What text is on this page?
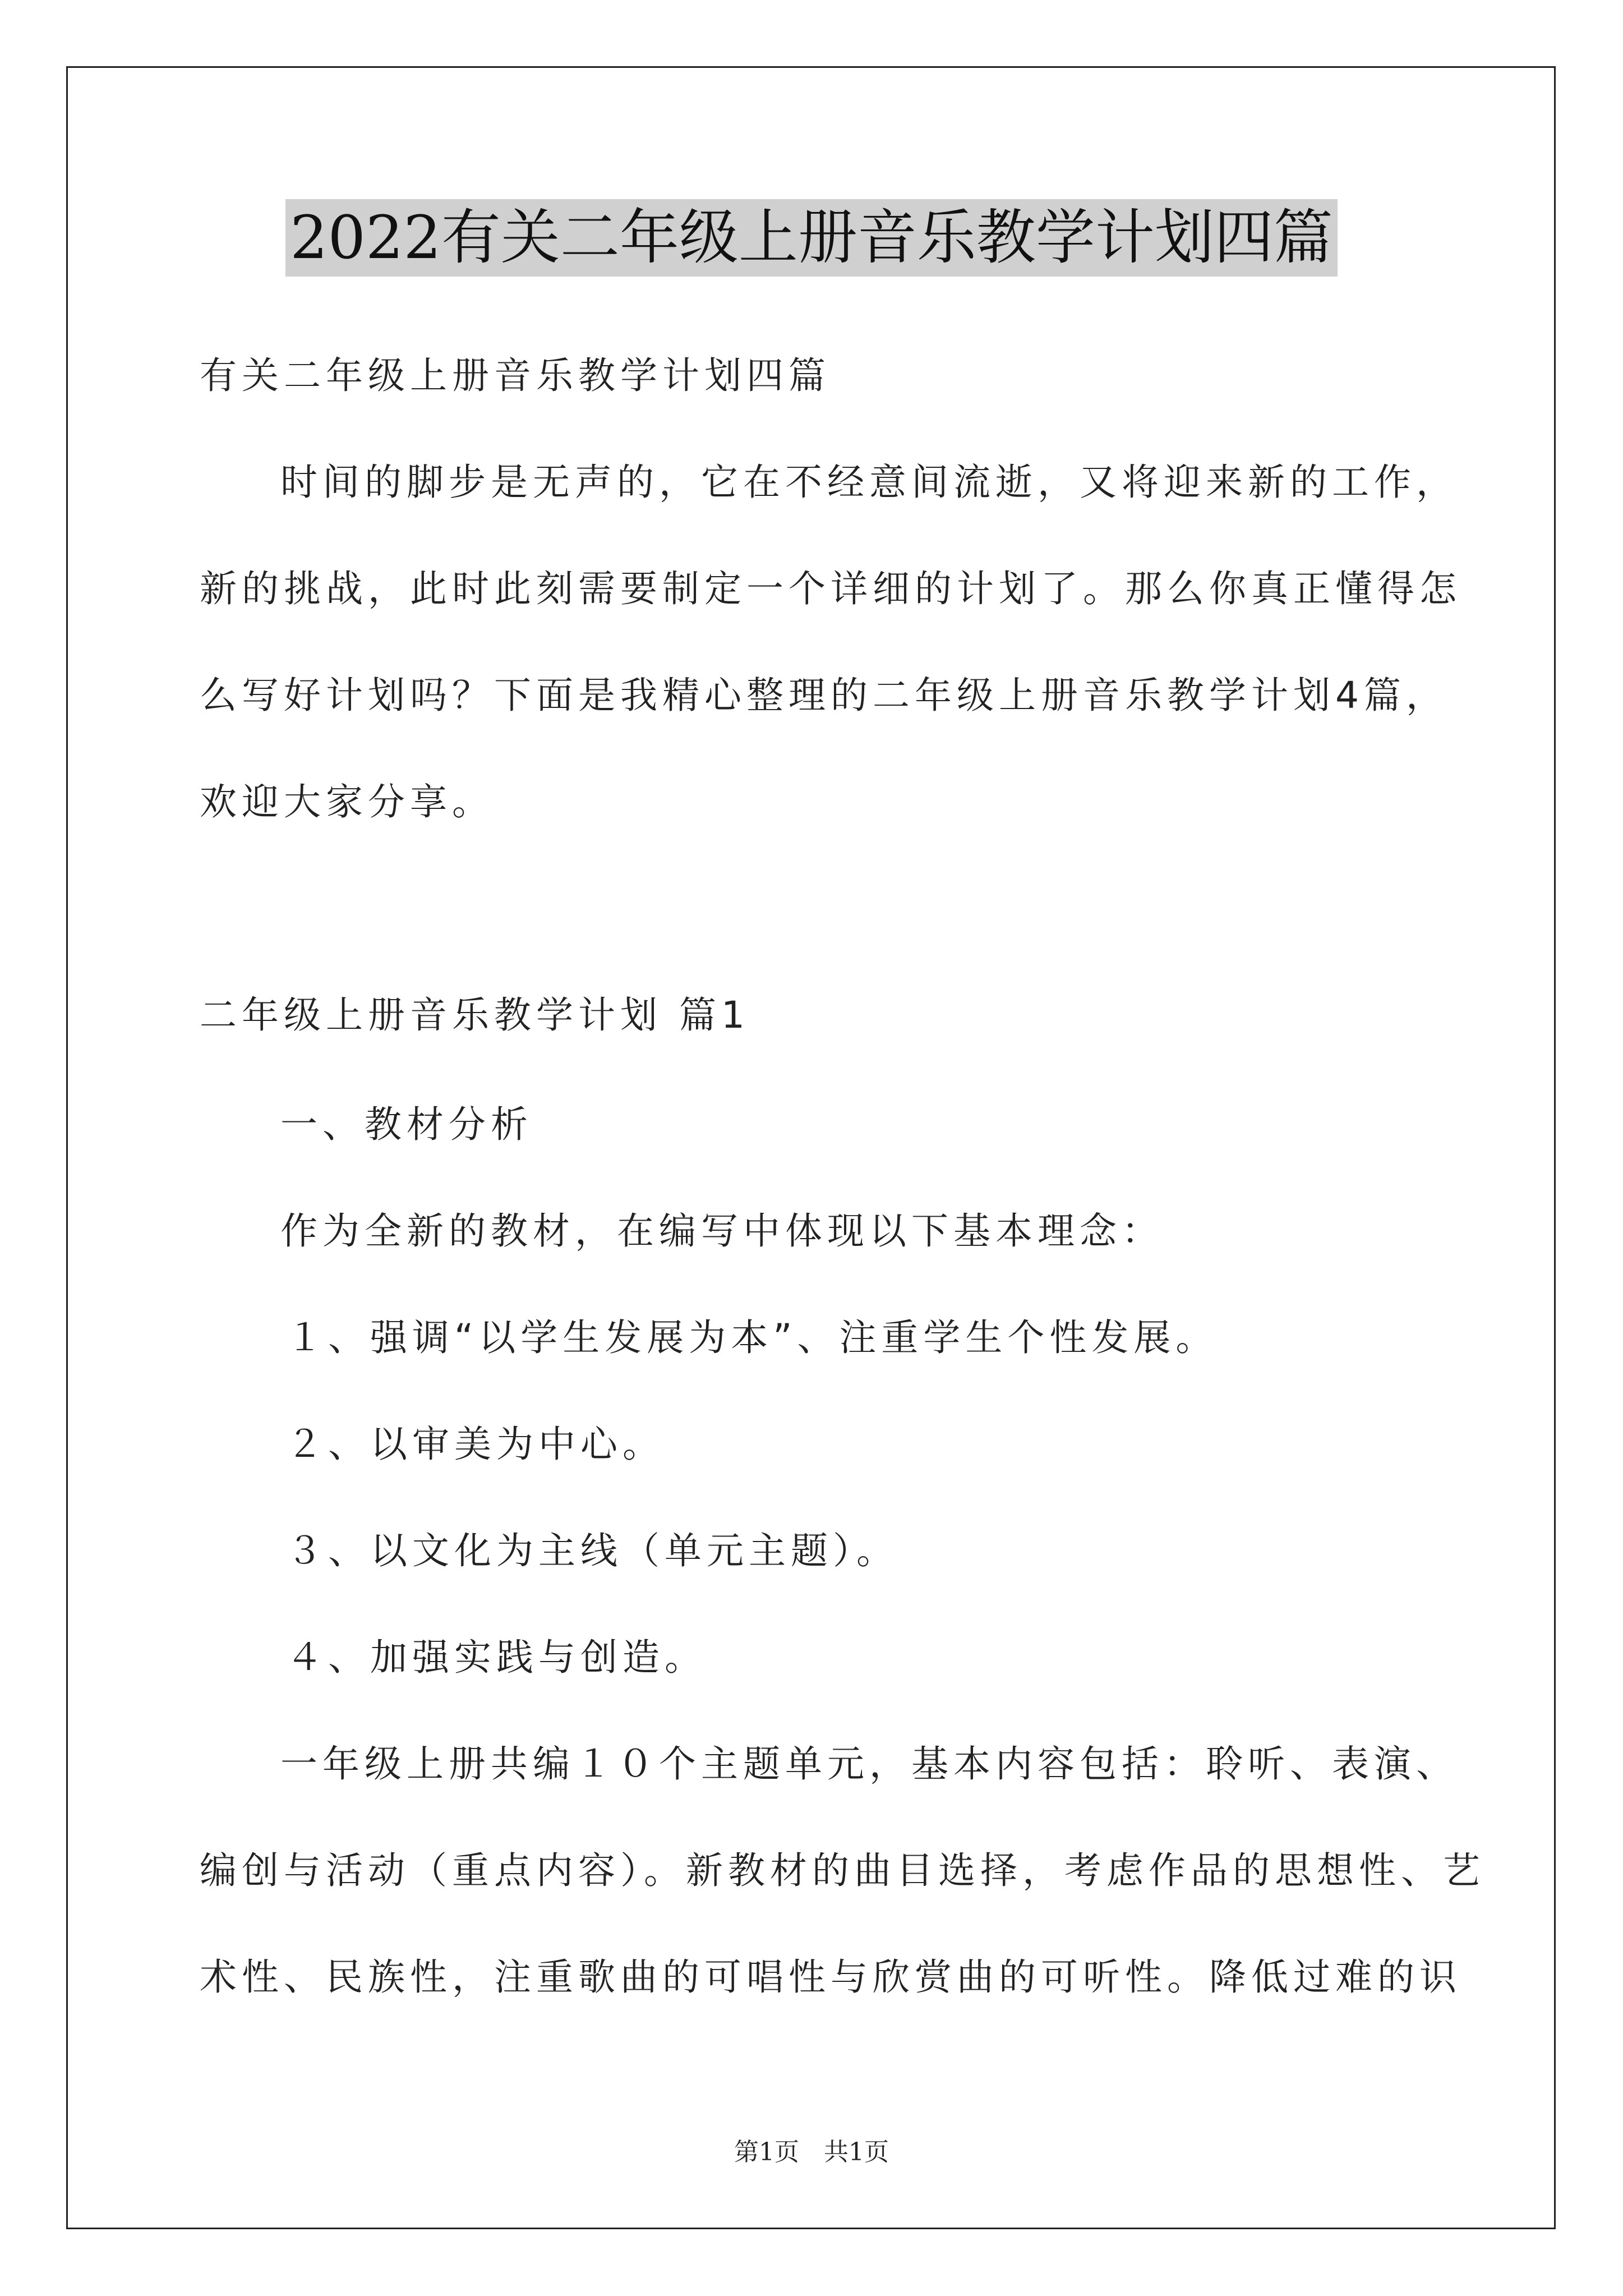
2022有关二年级上册音乐教学计划四篇
有关二年级上册音乐教学计划四篇
时间的脚步是无声的，它在不经意间流逝，又将迎来新的工作，
新的挑战，此时此刻需要制定一个详细的计划了。那么你真正懂得怎
么写好计划吗？下面是我精心整理的二年级上册音乐教学计划4篇，
欢迎大家分享。
二年级上册音乐教学计划 篇1
一、教材分析
作为全新的教材，在编写中体现以下基本理念：
１、强调“以学生发展为本”、注重学生个性发展。
２、以审美为中心。
３、以文化为主线（单元主题）。
４、加强实践与创造。
一年级上册共编１０个主题单元，基本内容包括：聆听、表演、
编创与活动（重点内容）。新教材的曲目选择，考虑作品的思想性、艺
术性、民族性，注重歌曲的可唱性与欣赏曲的可听性。降低过难的识
第1页　共1页
